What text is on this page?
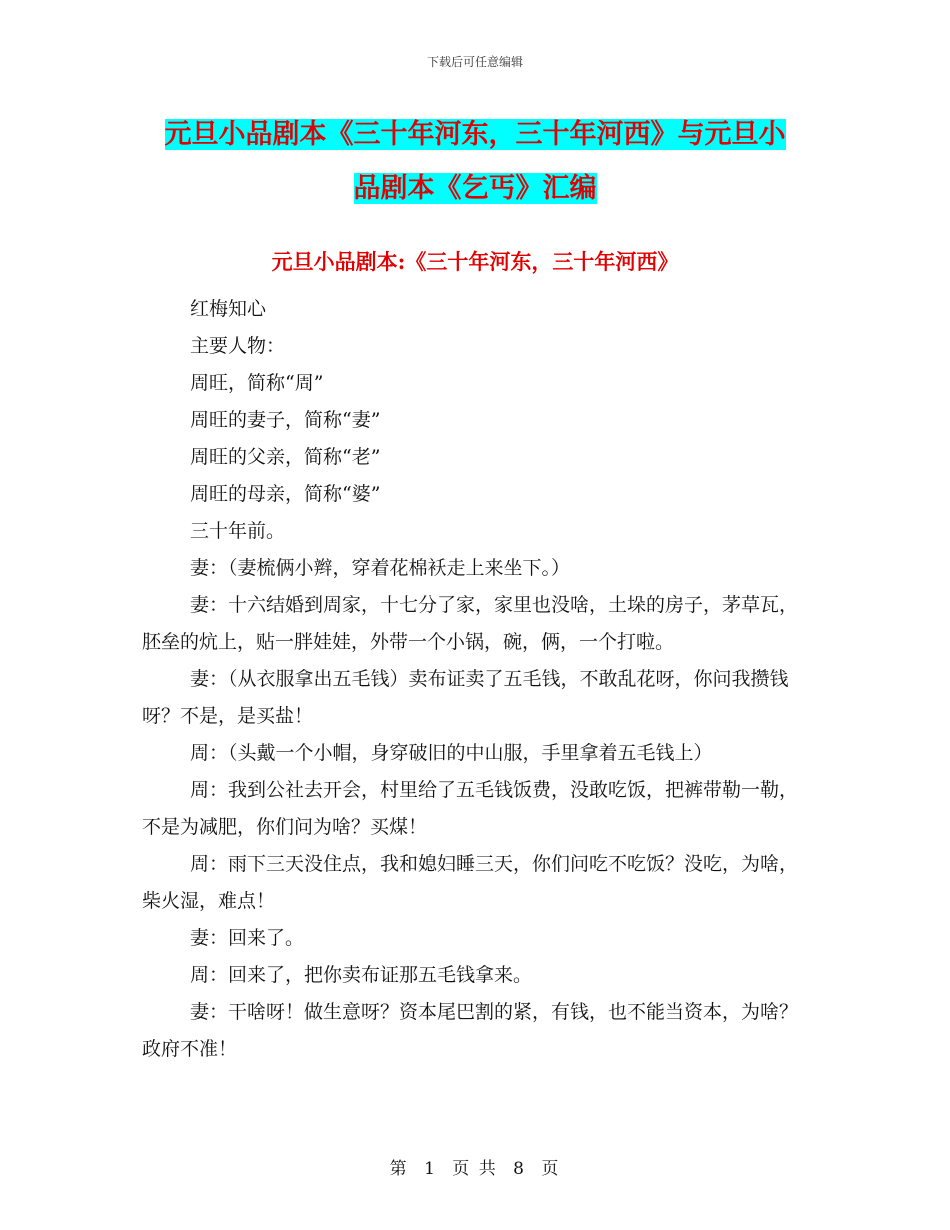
下载后可任意编辑
元旦小品剧本《三十年河东，三十年河西》与元旦小
品剧本《乞丐》汇编
元旦小品剧本:《三十年河东，三十年河西》

红梅知心

主要人物：

周旺，简称“周”

周旺的妻子，简称“妻”

周旺的父亲，简称“老”

周旺的母亲，简称“婆”

三十年前。

妻：（妻梳俩小辫，穿着花棉袄走上来坐下。）

妻：十六结婚到周家，十七分了家，家里也没啥，土垛的房子，茅草瓦，胚垒的炕上，贴一胖娃娃，外带一个小锅，碗，俩，一个打啦。

妻：（从衣服拿出五毛钱）卖布证卖了五毛钱，不敢乱花呀，你问我攒钱呀？不是，是买盐！

周：（头戴一个小帽，身穿破旧的中山服，手里拿着五毛钱上）

周：我到公社去开会，村里给了五毛钱饭费，没敢吃饭，把裤带勒一勒，不是为减肥，你们问为啥？买煤！

周：雨下三天没住点，我和媳妇睡三天，你们问吃不吃饭？没吃，为啥，柴火湿，难点！

妻：回来了。

周：回来了，把你卖布证那五毛钱拿来。

妻：干啥呀！做生意呀？资本尾巴割的紧，有钱，也不能当资本，为啥？政府不准！

第 1 页 共 8 页
